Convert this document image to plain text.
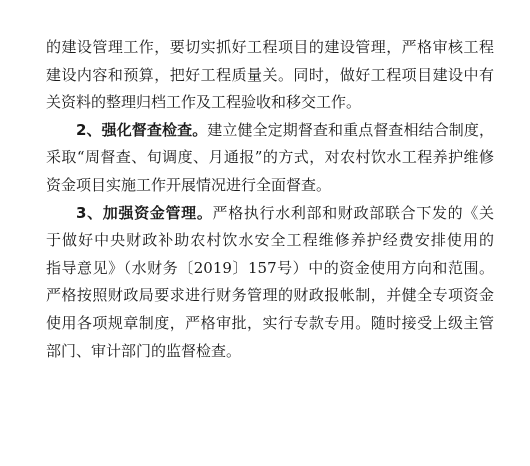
的建设管理工作，要切实抓好工程项目的建设管理，严格审核工程
建设内容和预算，把好工程质量关。同时，做好工程项目建设中有
关资料的整理归档工作及工程验收和移交工作。
2、强化督查检查。建立健全定期督查和重点督查相结合制度，
采取“周督查、旬调度、月通报”的方式，对农村饮水工程养护维修
资金项目实施工作开展情况进行全面督查。
3、加强资金管理。严格执行水利部和财政部联合下发的《关
于做好中央财政补助农村饮水安全工程维修养护经费安排使用的
指导意见》（水财务〔2019〕157号）中的资金使用方向和范围。
严格按照财政局要求进行财务管理的财政报帐制，并健全专项资金
使用各项规章制度，严格审批，实行专款专用。随时接受上级主管
部门、审计部门的监督检查。
